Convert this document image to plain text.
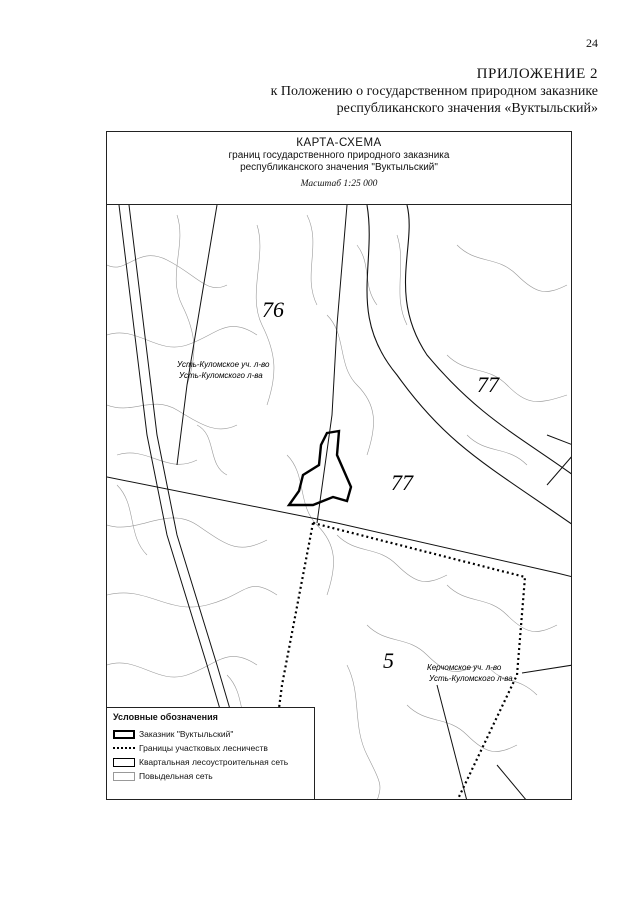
24
ПРИЛОЖЕНИЕ 2
к Положению о государственном природном заказнике
республиканского значения «Вуктыльский»
КАРТА-СХЕМА
границ государственного природного заказника
республиканского значения "Вуктыльский"
Масштаб 1:25 000
76
77
77
5
Усть-Куломское уч. л-во
Усть-Куломского л-ва
Керчомское уч. л-во
Усть-Куломского л-ва
Условные обозначения
Заказник "Вуктыльский"
Границы участковых лесничеств
Квартальная лесоустроительная сеть
Повыдельная сеть
